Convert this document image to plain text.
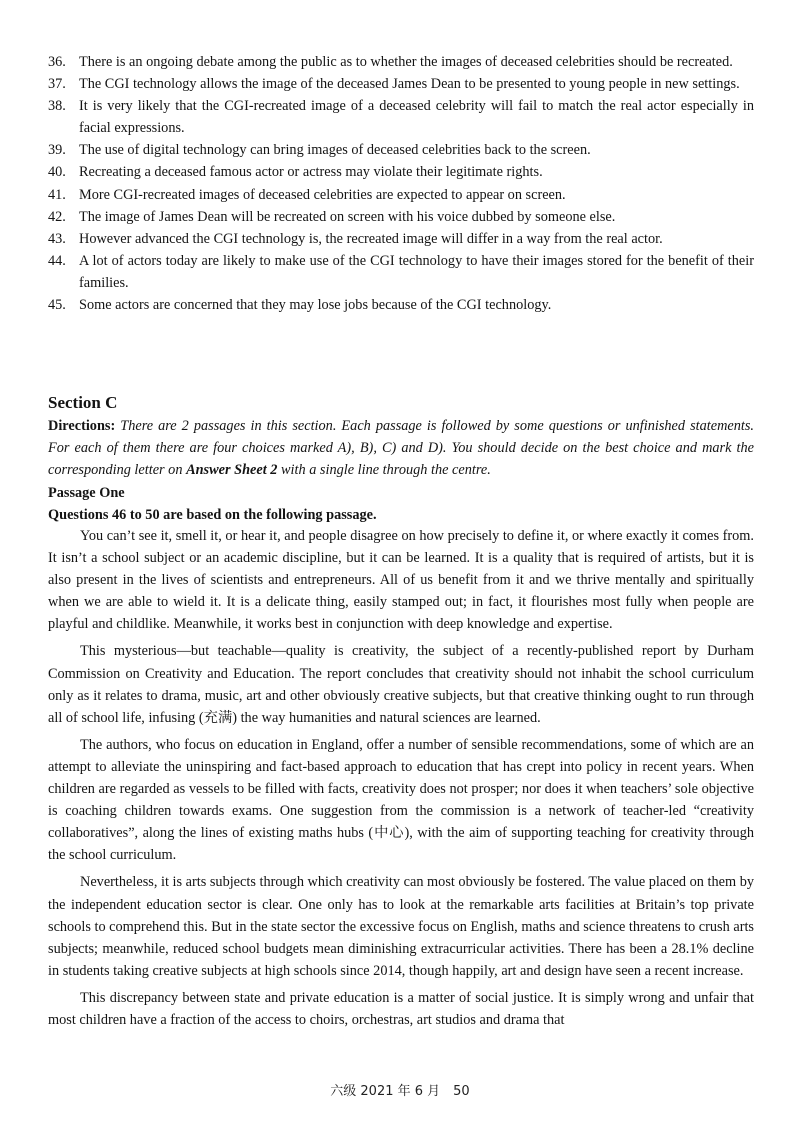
36. There is an ongoing debate among the public as to whether the images of deceased celebrities should be recreated.
37. The CGI technology allows the image of the deceased James Dean to be presented to young people in new settings.
38. It is very likely that the CGI-recreated image of a deceased celebrity will fail to match the real actor especially in facial expressions.
39. The use of digital technology can bring images of deceased celebrities back to the screen.
40. Recreating a deceased famous actor or actress may violate their legitimate rights.
41. More CGI-recreated images of deceased celebrities are expected to appear on screen.
42. The image of James Dean will be recreated on screen with his voice dubbed by someone else.
43. However advanced the CGI technology is, the recreated image will differ in a way from the real actor.
44. A lot of actors today are likely to make use of the CGI technology to have their images stored for the benefit of their families.
45. Some actors are concerned that they may lose jobs because of the CGI technology.
Section C
Directions: There are 2 passages in this section. Each passage is followed by some questions or unfinished statements. For each of them there are four choices marked A), B), C) and D). You should decide on the best choice and mark the corresponding letter on Answer Sheet 2 with a single line through the centre.
Passage One
Questions 46 to 50 are based on the following passage.

You can’t see it, smell it, or hear it, and people disagree on how precisely to define it, or where exactly it comes from. It isn’t a school subject or an academic discipline, but it can be learned. It is a quality that is required of artists, but it is also present in the lives of scientists and entrepreneurs. All of us benefit from it and we thrive mentally and spiritually when we are able to wield it. It is a delicate thing, easily stamped out; in fact, it flourishes most fully when people are playful and childlike. Meanwhile, it works best in conjunction with deep knowledge and expertise.

This mysterious—but teachable—quality is creativity, the subject of a recently-published report by Durham Commission on Creativity and Education. The report concludes that creativity should not inhabit the school curriculum only as it relates to drama, music, art and other obviously creative subjects, but that creative thinking ought to run through all of school life, infusing (充满) the way humanities and natural sciences are learned.

The authors, who focus on education in England, offer a number of sensible recommendations, some of which are an attempt to alleviate the uninspiring and fact-based approach to education that has crept into policy in recent years. When children are regarded as vessels to be filled with facts, creativity does not prosper; nor does it when teachers’ sole objective is coaching children towards exams. One suggestion from the commission is a network of teacher-led “creativity collaboratives”, along the lines of existing maths hubs (中心), with the aim of supporting teaching for creativity through the school curriculum.

Nevertheless, it is arts subjects through which creativity can most obviously be fostered. The value placed on them by the independent education sector is clear. One only has to look at the remarkable arts facilities at Britain’s top private schools to comprehend this. But in the state sector the excessive focus on English, maths and science threatens to crush arts subjects; meanwhile, reduced school budgets mean diminishing extracurricular activities. There has been a 28.1% decline in students taking creative subjects at high schools since 2014, though happily, art and design have seen a recent increase.

This discrepancy between state and private education is a matter of social justice. It is simply wrong and unfair that most children have a fraction of the access to choirs, orchestras, art studios and drama that

六级 2021 年 6 月　50
